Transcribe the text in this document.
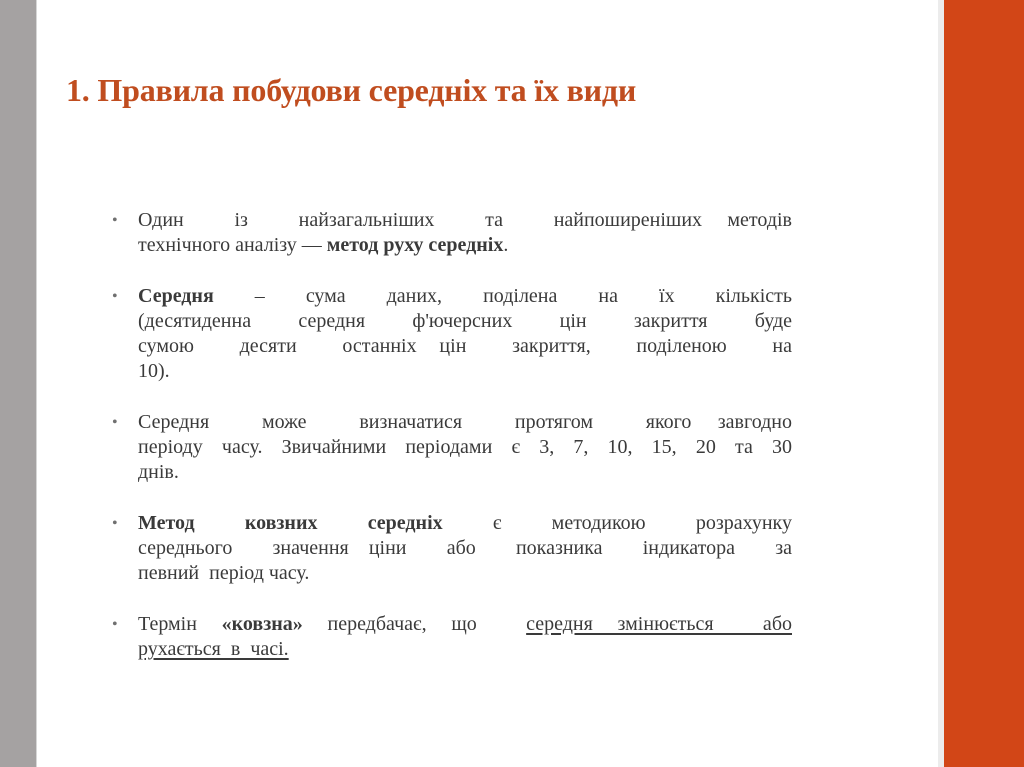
1. Правила побудови середніх та їх види
• Один  із  найзагальніших  та  найпоширеніших методів
технічного аналізу — метод руху середніх.
• Середня – сума даних, поділена на їх кількість
(десятиденна  середня  ф'ючерсних  цін  закриття  буде
сумою  десяти  останніх цін  закриття,  поділеною  на
10).
• Середня  може  визначатися  протягом  якого завгодно
періоду часу. Звичайними періодами є 3, 7, 10, 15, 20 та 30
днів.
• Метод  ковзних  середніх  є  методикою  розрахунку
середнього  значення ціни  або  показника  індикатора  за
певний  період часу.
• Термін «ковзна» передбачає, що  середня змінюється  або
рухається  в  часі.
